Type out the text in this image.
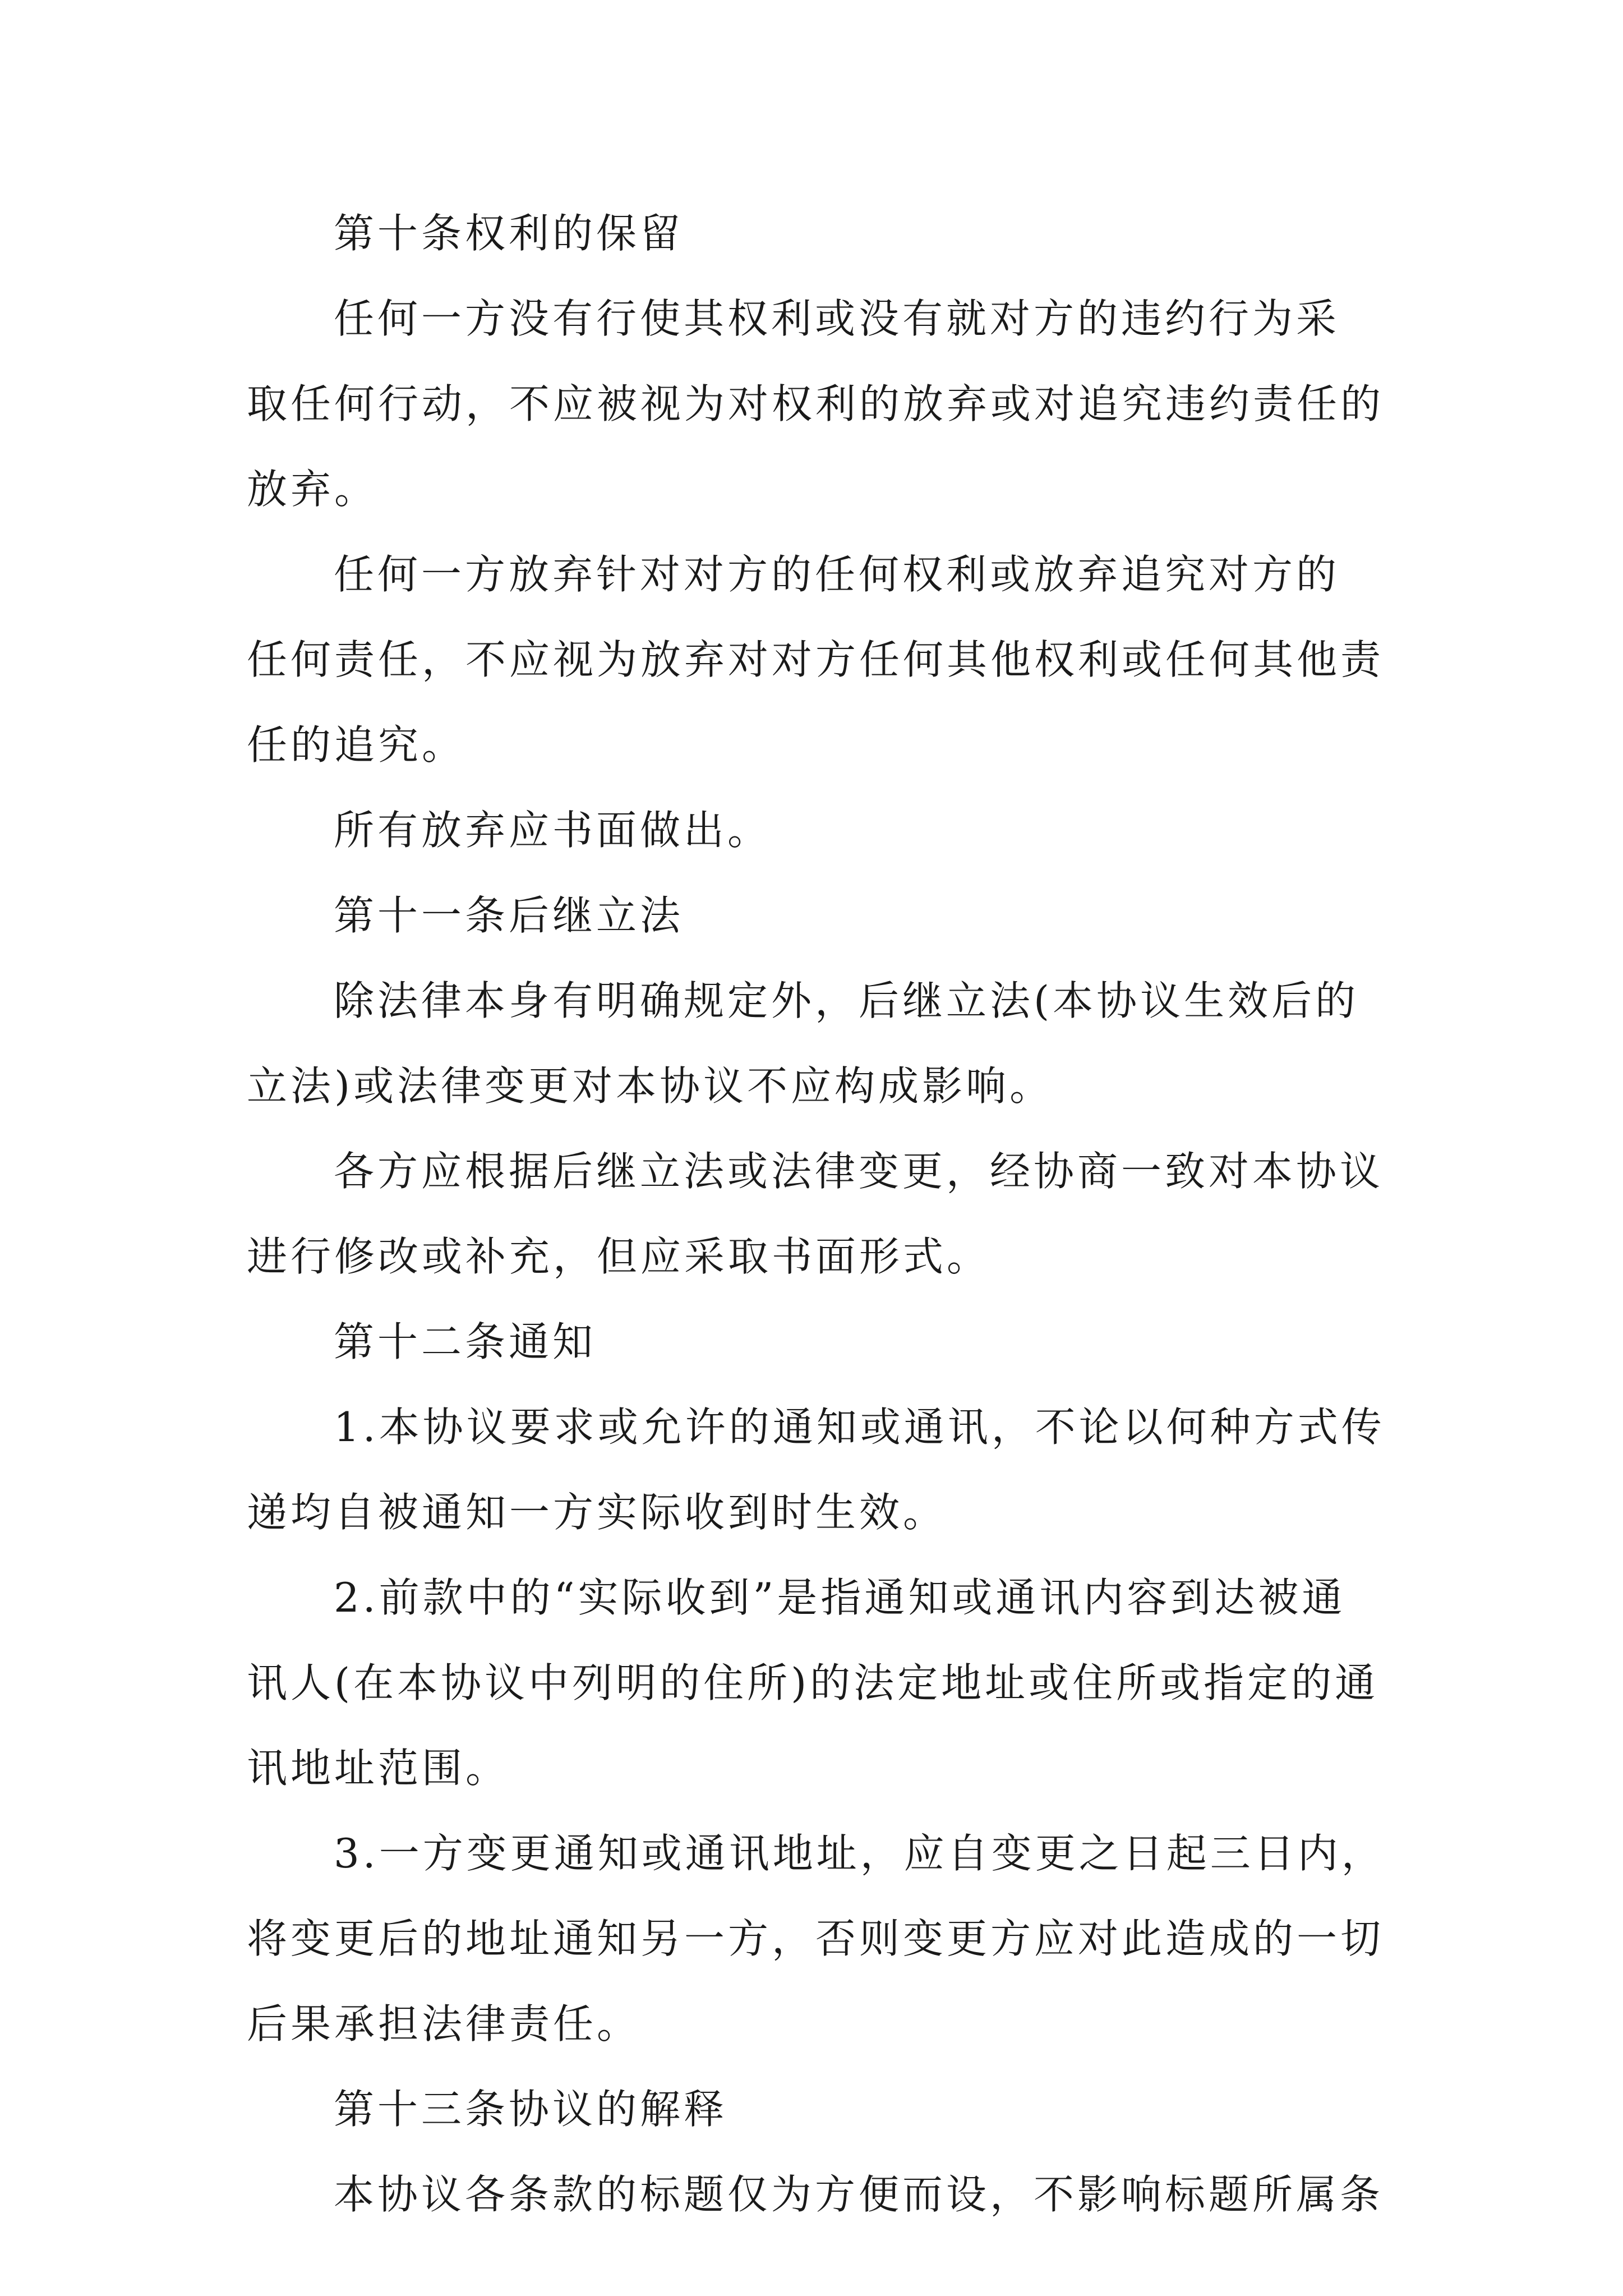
第十条权利的保留
任何一方没有行使其权利或没有就对方的违约行为采
取任何行动，不应被视为对权利的放弃或对追究违约责任的
放弃。
任何一方放弃针对对方的任何权利或放弃追究对方的
任何责任，不应视为放弃对对方任何其他权利或任何其他责
任的追究。
所有放弃应书面做出。
第十一条后继立法
除法律本身有明确规定外，后继立法(本协议生效后的
立法)或法律变更对本协议不应构成影响。
各方应根据后继立法或法律变更，经协商一致对本协议
进行修改或补充，但应采取书面形式。
第十二条通知
1.本协议要求或允许的通知或通讯，不论以何种方式传
递均自被通知一方实际收到时生效。
2.前款中的“实际收到”是指通知或通讯内容到达被通
讯人(在本协议中列明的住所)的法定地址或住所或指定的通
讯地址范围。
3.一方变更通知或通讯地址，应自变更之日起三日内，
将变更后的地址通知另一方，否则变更方应对此造成的一切
后果承担法律责任。
第十三条协议的解释
本协议各条款的标题仅为方便而设，不影响标题所属条
